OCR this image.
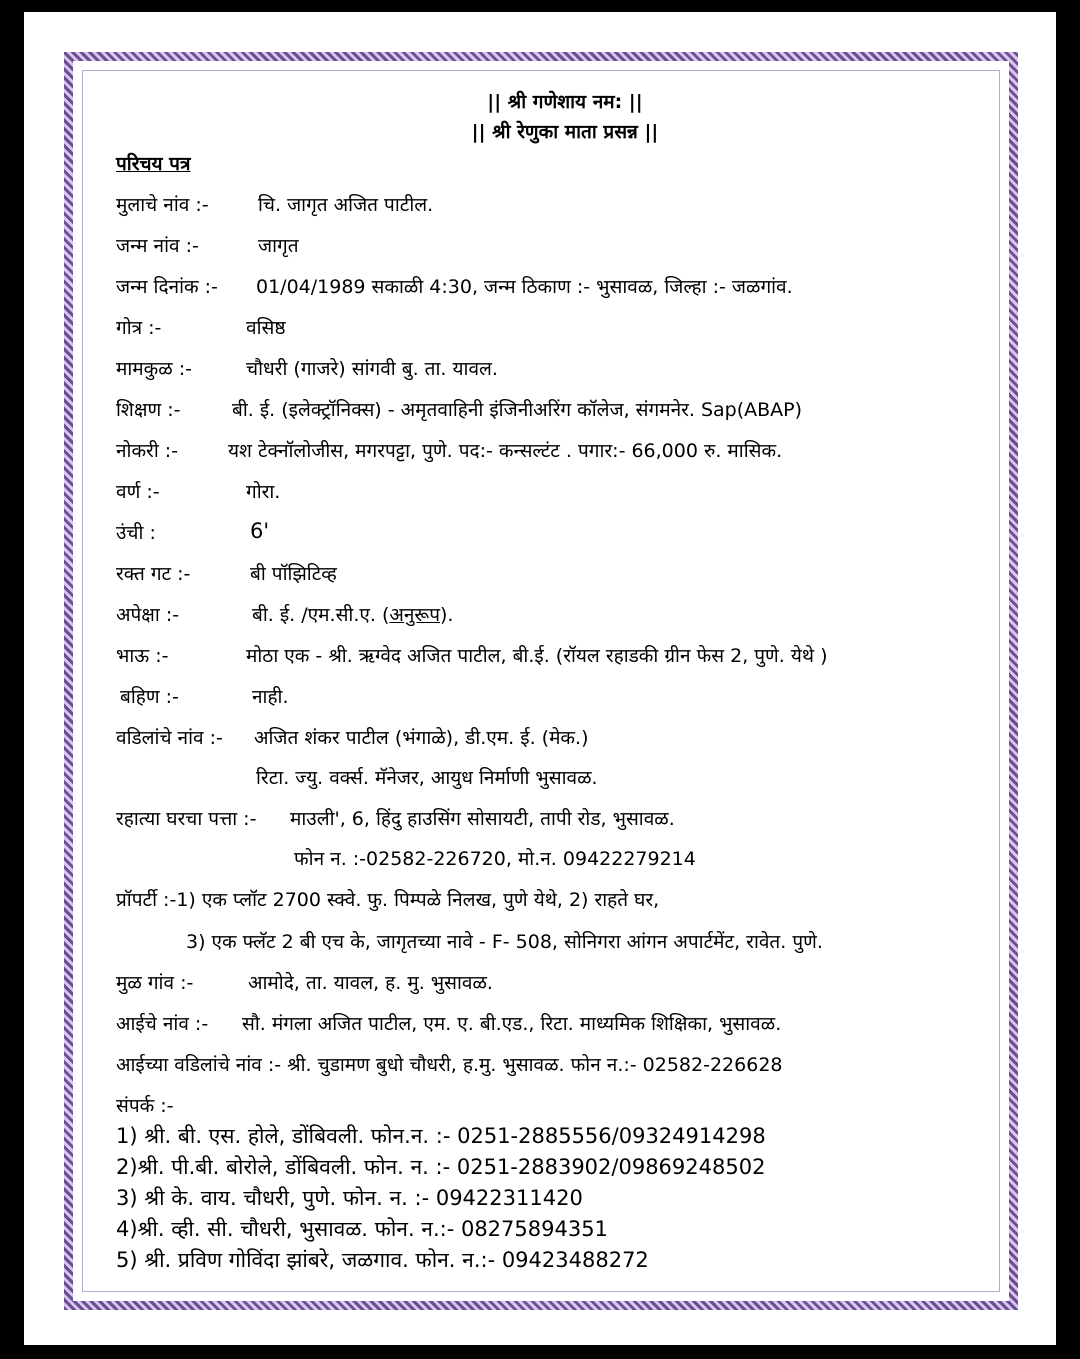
|| श्री गणेशाय नम: ||
|| श्री रेणुका माता प्रसन्न ||
परिचय पत्र
मुलाचे नांव :-	चि. जागृत अजित पाटील.
जन्म नांव :-	जागृत
जन्म दिनांक :- 01/04/1989 सकाळी 4:30, जन्म ठिकाण :- भुसावळ, जिल्हा :- जळगांव.
गोत्र :-	वसिष्ठ
मामकुळ :-	चौधरी (गाजरे) सांगवी बु. ता. यावल.
शिक्षण :-	बी. ई. (इलेक्ट्रॉनिक्स) - अमृतवाहिनी इंजिनीअरिंग कॉलेज, संगमनेर. Sap(ABAP)
नोकरी :-	यश टेक्नॉलोजीस, मगरपट्टा, पुणे. पद:- कन्सल्टंट . पगार:- 66,000 रु. मासिक.
वर्ण :-	गोरा.
उंची :	6'
रक्त गट :-	बी पॉझिटिव्ह
अपेक्षा :-	बी. ई. /एम.सी.ए. (अनुरूप).
भाऊ :-	मोठा एक - श्री. ऋग्वेद अजित पाटील, बी.ई. (रॉयल रहाडकी ग्रीन फेस 2, पुणे. येथे )
बहिण :-	नाही.
वडिलांचे नांव :- अजित शंकर पाटील (भंगाळे), डी.एम. ई. (मेक.)
रिटा. ज्यु. वर्क्स. मॅनेजर, आयुध निर्माणी भुसावळ.
रहात्या घरचा पत्ता :- माउली', 6, हिंदु हाउसिंग सोसायटी, तापी रोड, भुसावळ.
फोन न. :-02582-226720, मो.न. 09422279214
प्रॉपर्टी :-1) एक प्लॉट 2700 स्क्वे. फु. पिम्पळे निलख, पुणे येथे, 2) राहते घर,
3) एक फ्लॅट 2 बी एच के, जागृतच्या नावे - F- 508, सोनिगरा आंगन अपार्टमेंट, रावेत. पुणे.
मुळ गांव :-	आमोदे, ता. यावल, ह. मु. भुसावळ.
आईचे नांव :- सौ. मंगला अजित पाटील, एम. ए. बी.एड., रिटा. माध्यमिक शिक्षिका, भुसावळ.
आईच्या वडिलांचे नांव :- श्री. चुडामण बुधो चौधरी, ह.मु. भुसावळ. फोन न.:- 02582-226628
संपर्क :-
1) श्री. बी. एस. होले, डोंबिवली. फोन.न. :- 0251-2885556/09324914298
2)श्री. पी.बी. बोरोले, डोंबिवली. फोन. न. :- 0251-2883902/09869248502
3) श्री के. वाय. चौधरी, पुणे. फोन. न. :- 09422311420
4)श्री. व्ही. सी. चौधरी, भुसावळ. फोन. न.:- 08275894351
5) श्री. प्रविण गोविंदा झांबरे, जळगाव. फोन. न.:- 09423488272
